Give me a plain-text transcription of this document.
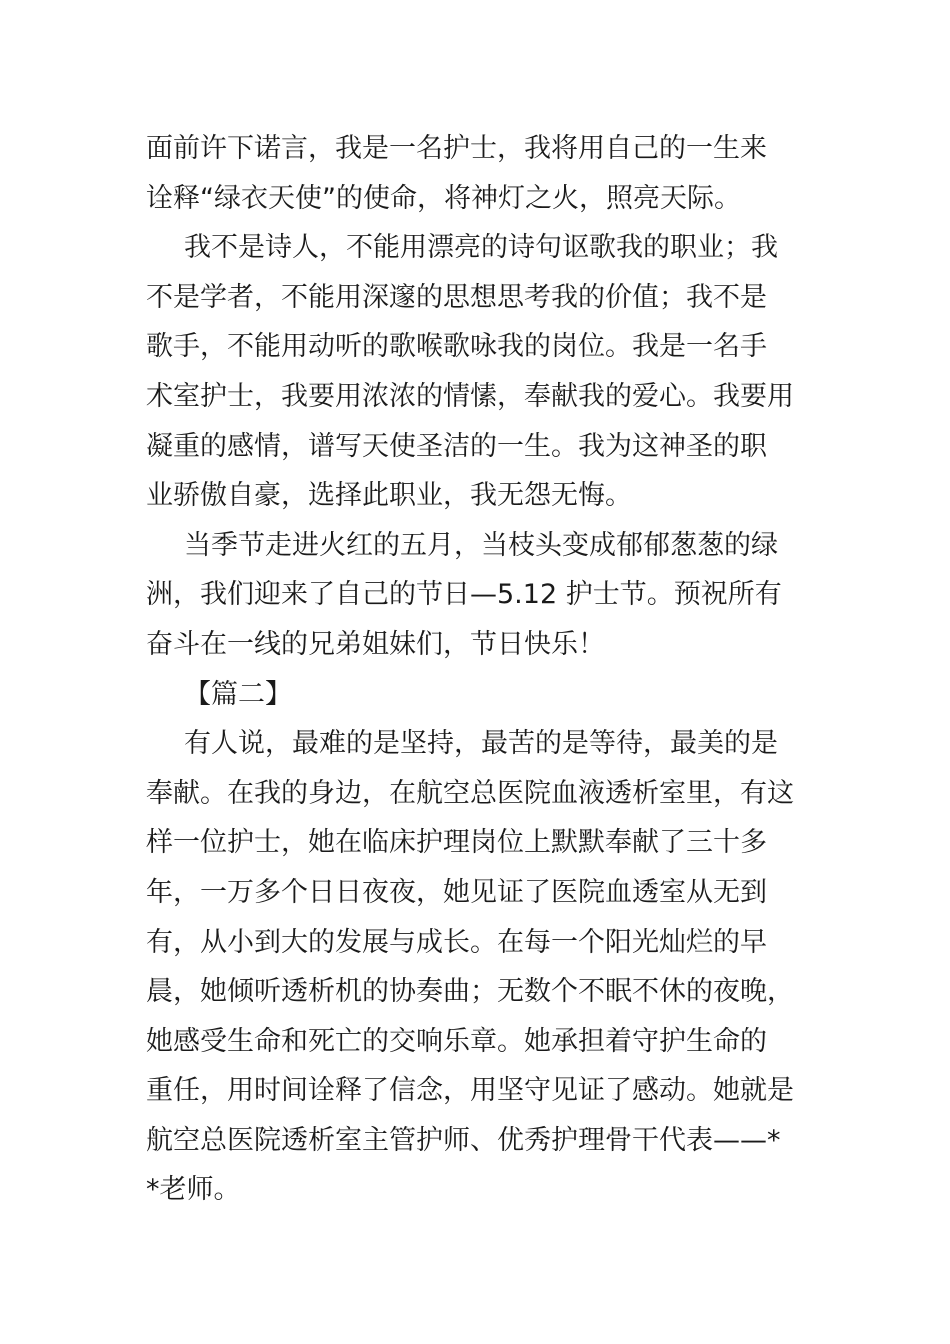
面前许下诺言，我是一名护士，我将用自己的一生来
诠释“绿衣天使”的使命，将神灯之火，照亮天际。
我不是诗人，不能用漂亮的诗句讴歌我的职业；我
不是学者，不能用深邃的思想思考我的价值；我不是
歌手，不能用动听的歌喉歌咏我的岗位。我是一名手
术室护士，我要用浓浓的情愫，奉献我的爱心。我要用
凝重的感情，谱写天使圣洁的一生。我为这神圣的职
业骄傲自豪，选择此职业，我无怨无悔。
当季节走进火红的五月，当枝头变成郁郁葱葱的绿
洲，我们迎来了自己的节日—5.12 护士节。预祝所有
奋斗在一线的兄弟姐妹们，节日快乐！
【篇二】
有人说，最难的是坚持，最苦的是等待，最美的是
奉献。在我的身边，在航空总医院血液透析室里，有这
样一位护士，她在临床护理岗位上默默奉献了三十多
年，一万多个日日夜夜，她见证了医院血透室从无到
有，从小到大的发展与成长。在每一个阳光灿烂的早
晨，她倾听透析机的协奏曲；无数个不眠不休的夜晚，
她感受生命和死亡的交响乐章。她承担着守护生命的
重任，用时间诠释了信念，用坚守见证了感动。她就是
航空总医院透析室主管护师、优秀护理骨干代表——*
*老师。
